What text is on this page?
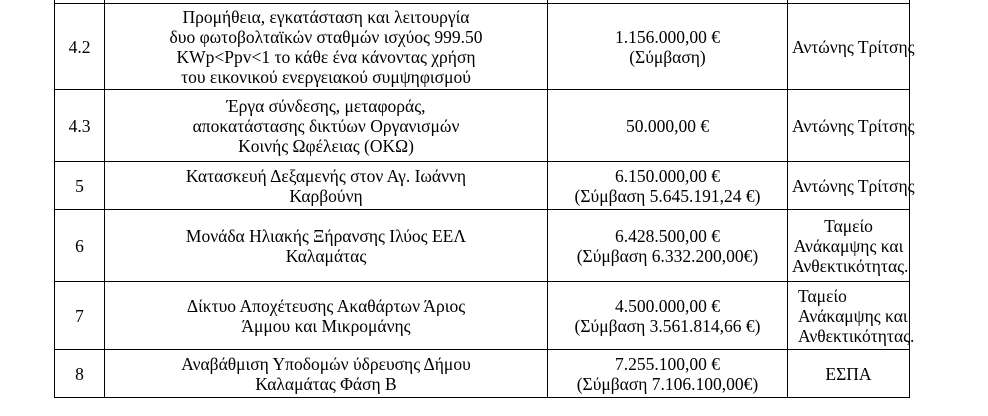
4.2	Προμήθεια, εγκατάσταση και λειτουργία
δυο φωτοβολταϊκών σταθμών ισχύος 999.50
KWp<Ppv<1 το κάθε ένα κάνοντας χρήση
του εικονικού ενεργειακού συμψηφισμού	1.156.000,00 €
(Σύμβαση)	Αντώνης Τρίτσης

4.3	Έργα σύνδεσης, μεταφοράς,
αποκατάστασης δικτύων Οργανισμών
Κοινής Ωφέλειας (ΟΚΩ)	50.000,00 €	Αντώνης Τρίτσης

5	Κατασκευή Δεξαμενής στον Αγ. Ιωάννη
Καρβούνη	6.150.000,00 €
(Σύμβαση 5.645.191,24 €)	Αντώνης Τρίτσης

6	Μονάδα Ηλιακής Ξήρανσης Ιλύος ΕΕΛ
Καλαμάτας	6.428.500,00 €
(Σύμβαση 6.332.200,00€)	Ταμείο
Ανάκαμψης και
Ανθεκτικότητας.

7	Δίκτυο Αποχέτευσης Ακαθάρτων Άριος
Άμμου και Μικρομάνης	4.500.000,00 €
(Σύμβαση 3.561.814,66 €)	Ταμείο
Ανάκαμψης και
Ανθεκτικότητας.

8	Αναβάθμιση Υποδομών ύδρευσης Δήμου
Καλαμάτας Φάση Β	7.255.100,00 €
(Σύμβαση 7.106.100,00€)	ΕΣΠΑ
